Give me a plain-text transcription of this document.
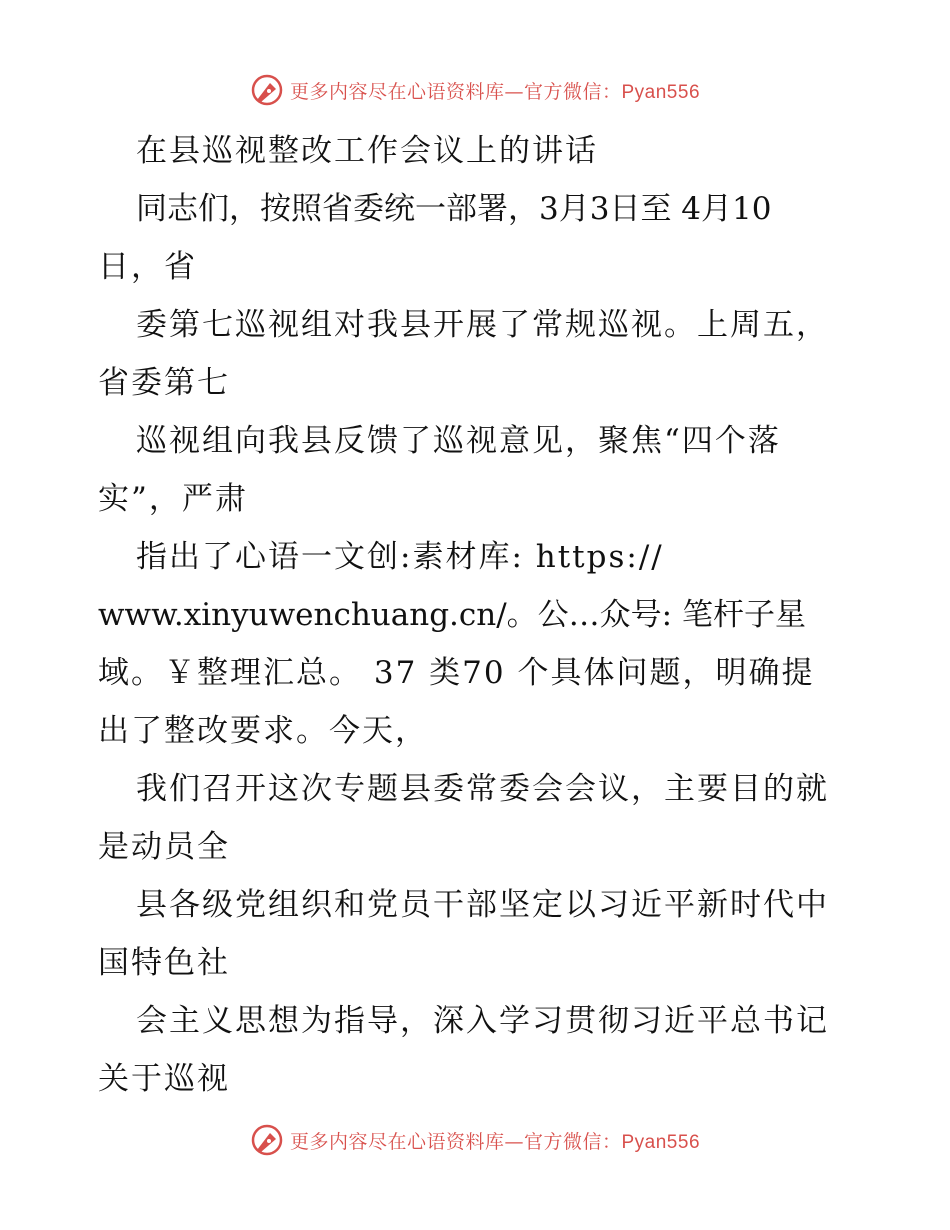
更多内容尽在心语资料库—官方微信：Pyan556
在县巡视整改工作会议上的讲话
同志们，按照省委统一部署，3月3日至 4月10
日，省
委第七巡视组对我县开展了常规巡视。上周五，
省委第七
巡视组向我县反馈了巡视意见，聚焦“四个落
实”，严肃
指出了心语一文创:素材库: https://
www.xinyuwenchuang.cn/。公…众号: 笔杆子星
域。￥整理汇总。 37 类70 个具体问题，明确提
出了整改要求。今天，
我们召开这次专题县委常委会会议，主要目的就
是动员全
县各级党组织和党员干部坚定以习近平新时代中
国特色社
会主义思想为指导，深入学习贯彻习近平总书记
关于巡视
更多内容尽在心语资料库—官方微信：Pyan556
